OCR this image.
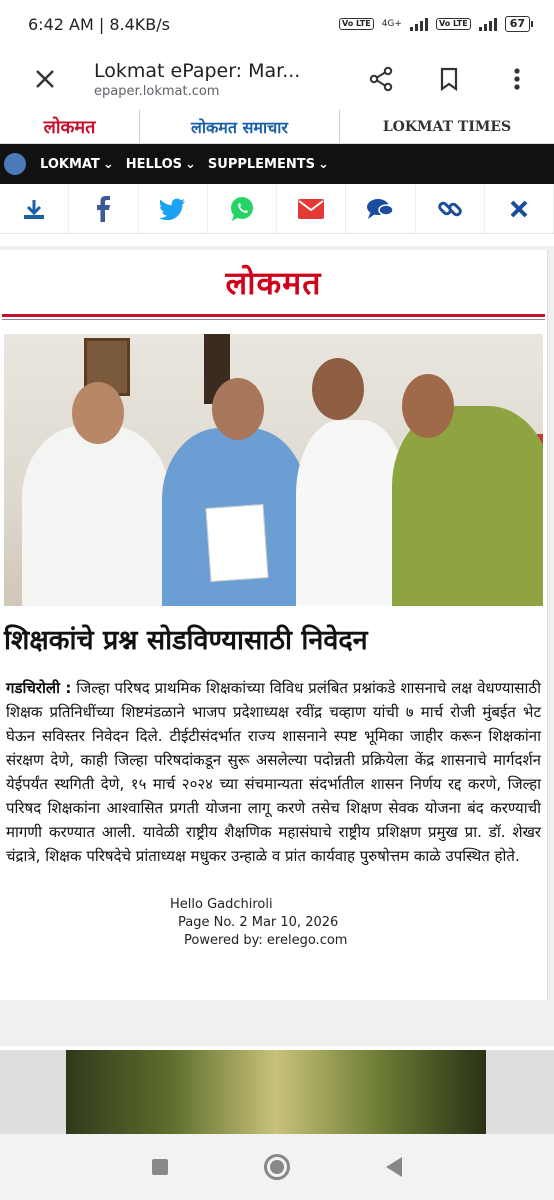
6:42 AM | 8.4KB/s	Vo LTE	4G+	Vo LTE	67
Lokmat ePaper: Mar...
epaper.lokmat.com
लोकमत	लोकमत समाचार	LOKMAT TIMES
LOKMAT ⌄ HELLOS ⌄ SUPPLEMENTS ⌄
लोकमत
शिक्षकांचे प्रश्न सोडविण्यासाठी निवेदन
गडचिरोली : जिल्हा परिषद प्राथमिक शिक्षकांच्या विविध प्रलंबित प्रश्नांकडे शासनाचे लक्ष वेधण्यासाठी शिक्षक प्रतिनिधींच्या शिष्टमंडळाने भाजप प्रदेशाध्यक्ष रवींद्र चव्हाण यांची ७ मार्च रोजी मुंबईत भेट घेऊन सविस्तर निवेदन दिले. टीईटीसंदर्भात राज्य शासनाने स्पष्ट भूमिका जाहीर करून शिक्षकांना संरक्षण देणे, काही जिल्हा परिषदांकडून सुरू असलेल्या पदोन्नती प्रक्रियेला केंद्र शासनाचे मार्गदर्शन येईपर्यंत स्थगिती देणे, १५ मार्च २०२४ च्या संचमान्यता संदर्भातील शासन निर्णय रद्द करणे, जिल्हा परिषद शिक्षकांना आश्वासित प्रगती योजना लागू करणे तसेच शिक्षण सेवक योजना बंद करण्याची मागणी करण्यात आली. यावेळी राष्ट्रीय शैक्षणिक महासंघाचे राष्ट्रीय प्रशिक्षण प्रमुख प्रा. डॉ. शेखर चंद्रात्रे, शिक्षक परिषदेचे प्रांताध्यक्ष मधुकर उन्हाळे व प्रांत कार्यवाह पुरुषोत्तम काळे उपस्थित होते.
Hello Gadchiroli
Page No. 2 Mar 10, 2026
Powered by: erelego.com
